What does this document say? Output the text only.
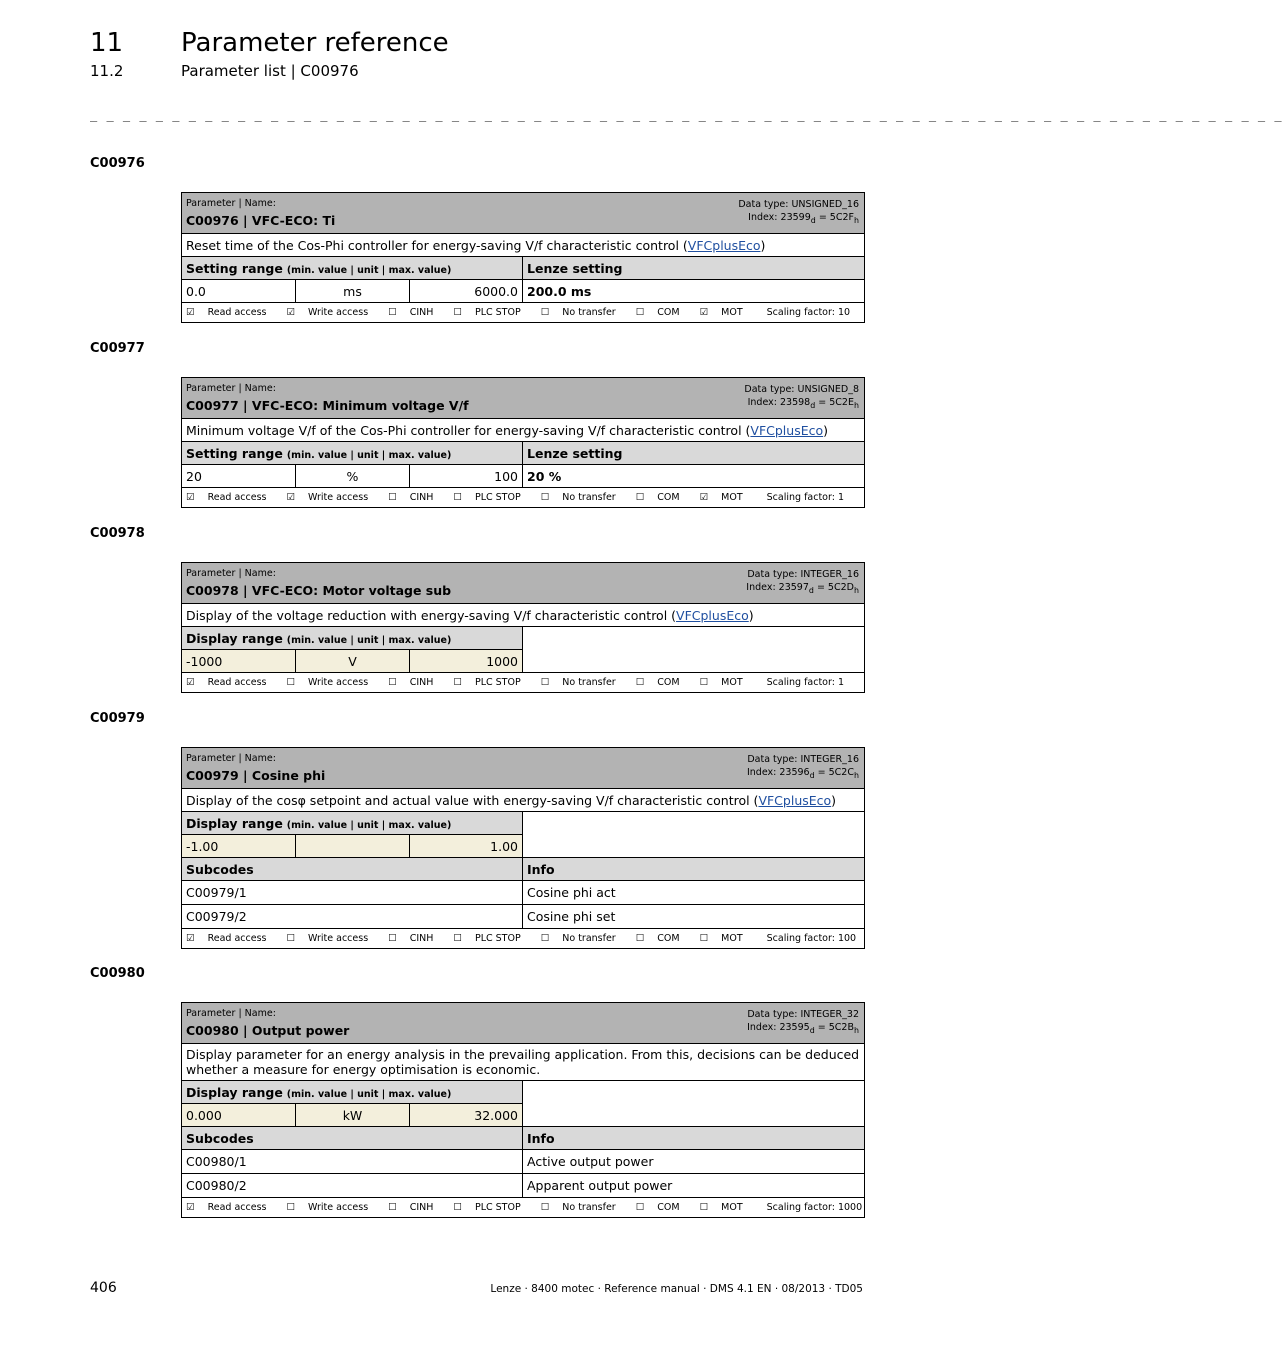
11 Parameter reference
11.2	Parameter list | C00976
_ _ _ _ _ _ _ _ _ _ _ _ _ _ _ _ _ _ _ _ _ _ _ _ _ _ _ _ _ _ _ _ _ _ _ _ _ _ _ _ _ _ _ _ _ _ _ _ _ _ _ _ _ _ _ _ _ _ _ _ _ _ _ _ _ _ _ _ _ _ _ _ _
C00976
Parameter | Name:
C00976 | VFC-ECO: Ti
Data type: UNSIGNED_16
Index: $23599_d = 5C2F_h$

Reset time of the Cos-Phi controller for energy-saving V/f characteristic control (VFCplusEco)			
Setting range (min. value | unit | max. value)			Lenze setting
0.0	ms	6000.0	200.0 ms
☑ Read access ☑ Write access ☐ CINH ☐ PLC STOP ☐ No transfer ☐ COM ☑ MOT Scaling factor: 10			
C00977
Parameter | Name:
C00977 | VFC-ECO: Minimum voltage V/f
Data type: UNSIGNED_8
Index: $23598_d = 5C2E_h$

Minimum voltage V/f of the Cos-Phi controller for energy-saving V/f characteristic control (VFCplusEco)			
Setting range (min. value | unit | max. value)			Lenze setting
20	%	100	20 %
☑ Read access ☑ Write access ☐ CINH ☐ PLC STOP ☐ No transfer ☐ COM ☑ MOT Scaling factor: 1			
C00978
Parameter | Name:
C00978 | VFC-ECO: Motor voltage sub
Data type: INTEGER_16
Index: $23597_d = 5C2D_h$

Display of the voltage reduction with energy-saving V/f characteristic control (VFCplusEco)			
Display range (min. value | unit | max. value)			
-1000	V	1000	
☑ Read access ☐ Write access ☐ CINH ☐ PLC STOP ☐ No transfer ☐ COM ☐ MOT Scaling factor: 1			
C00979
Parameter | Name:
C00979 | Cosine phi
Data type: INTEGER_16
Index: $23596_d = 5C2C_h$

Display of the cosφ setpoint and actual value with energy-saving V/f characteristic control (VFCplusEco)			
Display range (min. value | unit | max. value)			
-1.00		1.00	
Subcodes			Info
C00979/1			Cosine phi act
C00979/2			Cosine phi set
☑ Read access ☐ Write access ☐ CINH ☐ PLC STOP ☐ No transfer ☐ COM ☐ MOT Scaling factor: 100			
C00980
Parameter | Name:
C00980 | Output power
Data type: INTEGER_32
Index: $23595_d = 5C2B_h$

Display parameter for an energy analysis in the prevailing application. From this, decisions can be deduced whether a measure for energy optimisation is economic.			
Display range (min. value | unit | max. value)			
0.000	kW	32.000	
Subcodes			Info
C00980/1			Active output power
C00980/2			Apparent output power
☑ Read access ☐ Write access ☐ CINH ☐ PLC STOP ☐ No transfer ☐ COM ☐ MOT Scaling factor: 1000			
406	Lenze · 8400 motec · Reference manual · DMS 4.1 EN · 08/2013 · TD05
